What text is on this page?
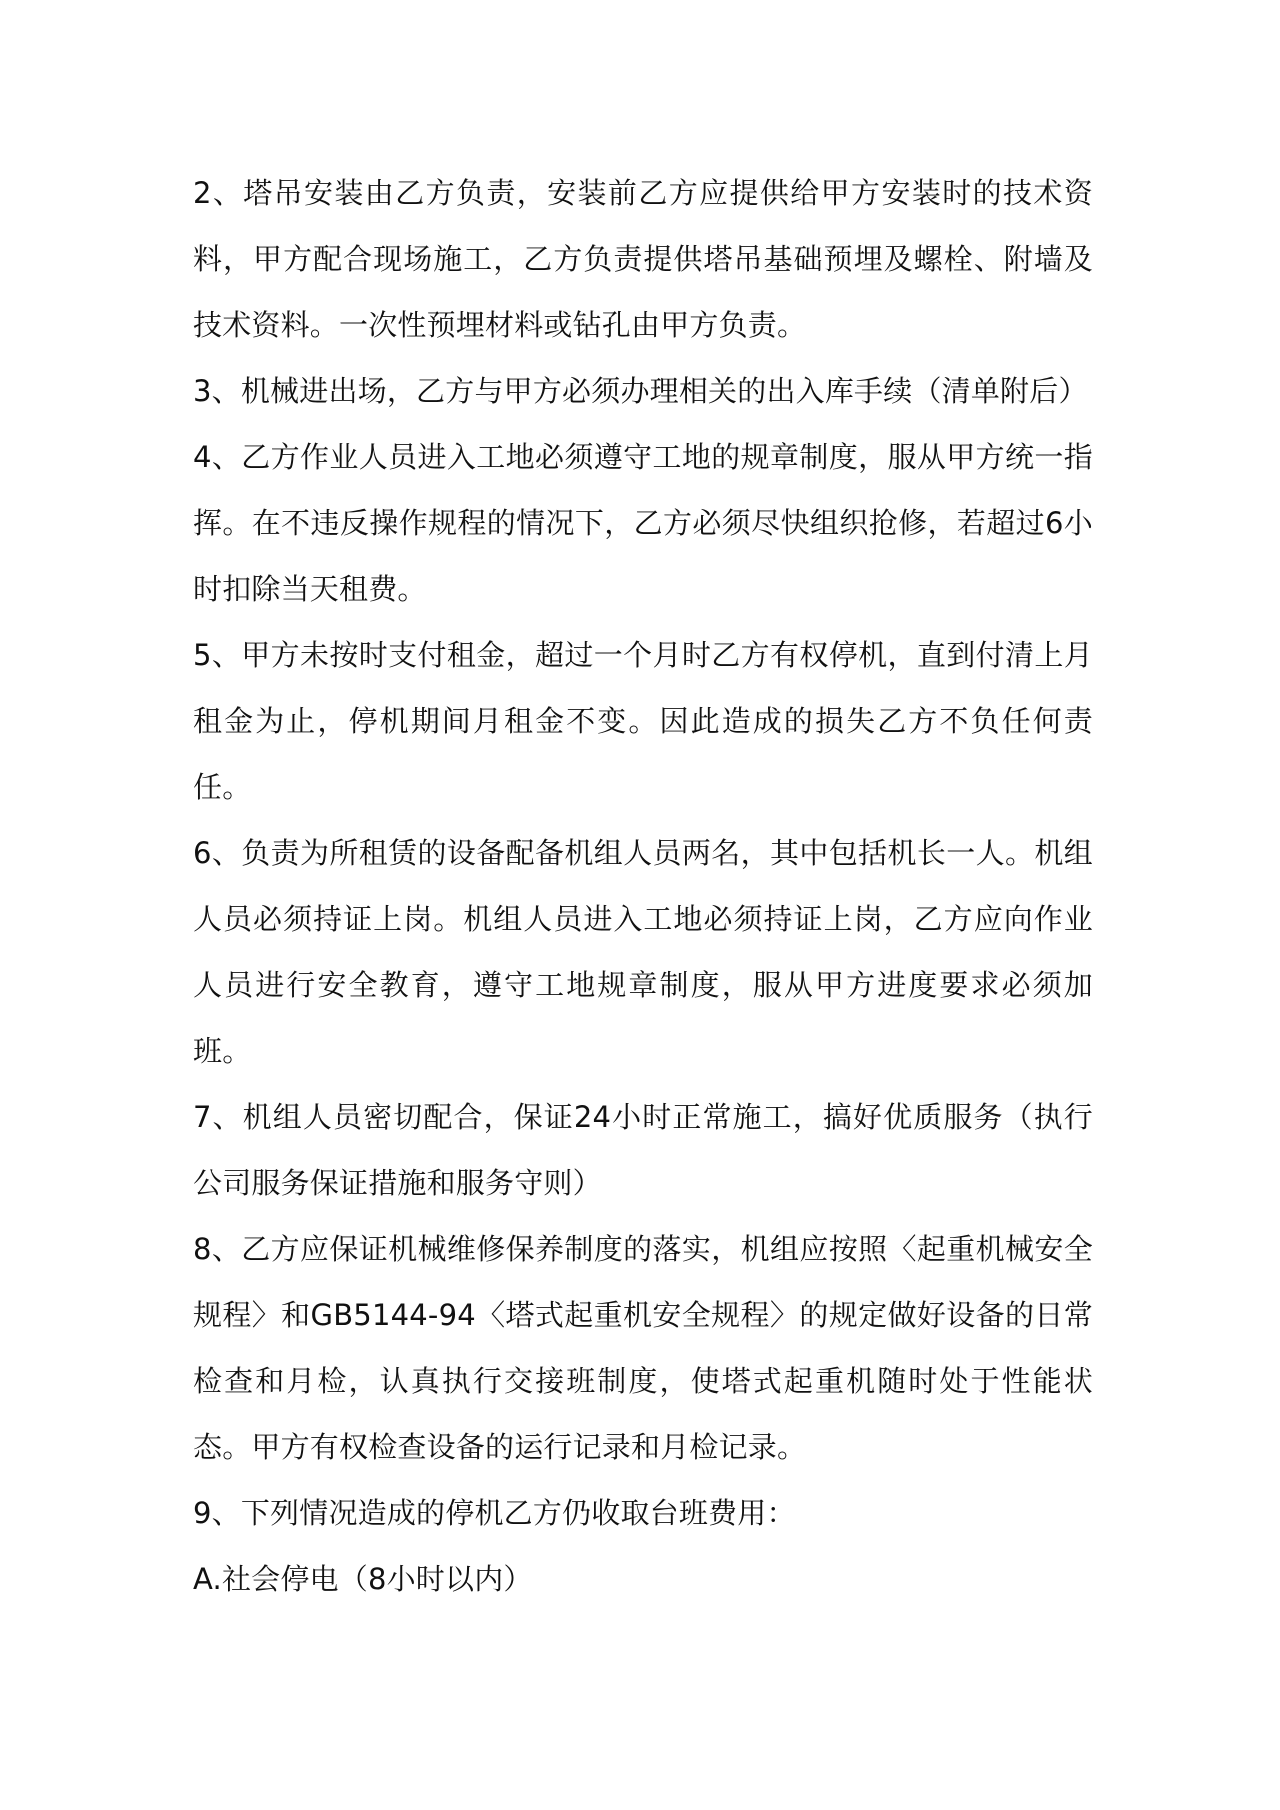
2、塔吊安装由乙方负责，安装前乙方应提供给甲方安装时的技术资料，甲方配合现场施工，乙方负责提供塔吊基础预埋及螺栓、附墙及技术资料。一次性预埋材料或钻孔由甲方负责。

3、机械进出场，乙方与甲方必须办理相关的出入库手续（清单附后）

4、乙方作业人员进入工地必须遵守工地的规章制度，服从甲方统一指挥。在不违反操作规程的情况下，乙方必须尽快组织抢修，若超过6小时扣除当天租费。

5、甲方未按时支付租金，超过一个月时乙方有权停机，直到付清上月租金为止，停机期间月租金不变。因此造成的损失乙方不负任何责任。

6、负责为所租赁的设备配备机组人员两名，其中包括机长一人。机组人员必须持证上岗。机组人员进入工地必须持证上岗，乙方应向作业人员进行安全教育，遵守工地规章制度，服从甲方进度要求必须加班。

7、机组人员密切配合，保证24小时正常施工，搞好优质服务（执行公司服务保证措施和服务守则）

8、乙方应保证机械维修保养制度的落实，机组应按照〈起重机械安全规程〉和GB5144-94〈塔式起重机安全规程〉的规定做好设备的日常检查和月检，认真执行交接班制度，使塔式起重机随时处于性能状态。甲方有权检查设备的运行记录和月检记录。

9、下列情况造成的停机乙方仍收取台班费用：

A.社会停电（8小时以内）
